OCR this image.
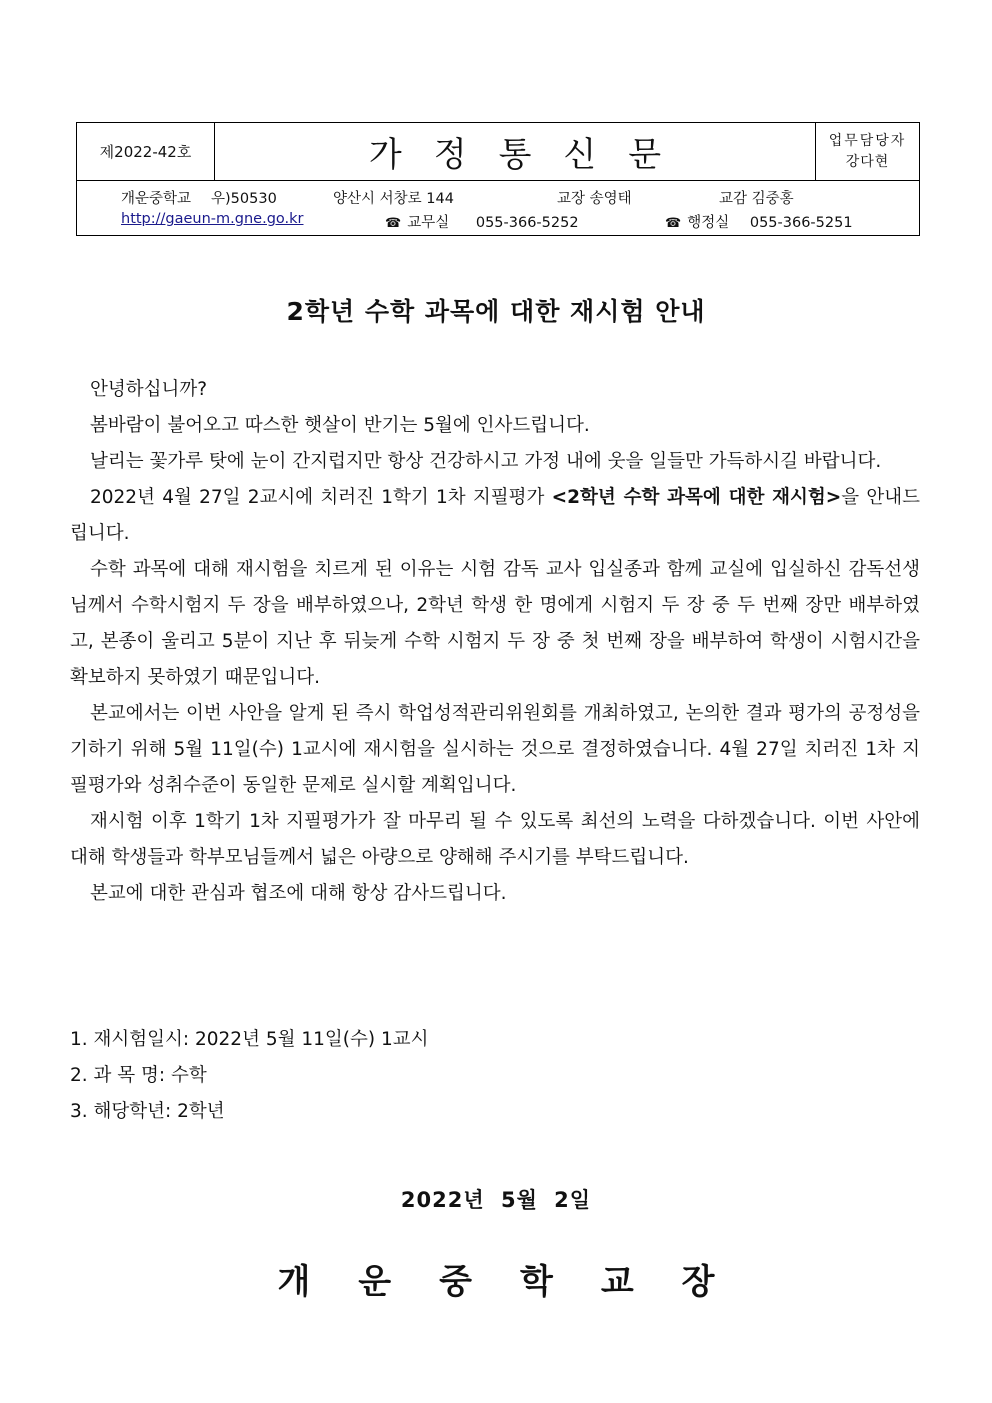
제2022-42호	가정통신문	업무담당자
강다현
개운중학교 우)50530	양산시 서창로 144	교장 송영태	교감 김중홍
http://gaeun-m.gne.go.kr	☎ 교무실 055-366-5252	☎ 행정실 055-366-5251
2학년 수학 과목에 대한 재시험 안내

안녕하십니까?

봄바람이 불어오고 따스한 햇살이 반기는 5월에 인사드립니다.

날리는 꽃가루 탓에 눈이 간지럽지만 항상 건강하시고 가정 내에 웃을 일들만 가득하시길 바랍니다.

2022년 4월 27일 2교시에 치러진 1학기 1차 지필평가 <2학년 수학 과목에 대한 재시험>을 안내드립니다.

수학 과목에 대해 재시험을 치르게 된 이유는 시험 감독 교사 입실종과 함께 교실에 입실하신 감독선생님께서 수학시험지 두 장을 배부하였으나, 2학년 학생 한 명에게 시험지 두 장 중 두 번째 장만 배부하였고, 본종이 울리고 5분이 지난 후 뒤늦게 수학 시험지 두 장 중 첫 번째 장을 배부하여 학생이 시험시간을 확보하지 못하였기 때문입니다.

본교에서는 이번 사안을 알게 된 즉시 학업성적관리위원회를 개최하였고, 논의한 결과 평가의 공정성을 기하기 위해 5월 11일(수) 1교시에 재시험을 실시하는 것으로 결정하였습니다. 4월 27일 치러진 1차 지필평가와 성취수준이 동일한 문제로 실시할 계획입니다.

재시험 이후 1학기 1차 지필평가가 잘 마무리 될 수 있도록 최선의 노력을 다하겠습니다. 이번 사안에 대해 학생들과 학부모님들께서 넓은 아량으로 양해해 주시기를 부탁드립니다.

본교에 대한 관심과 협조에 대해 항상 감사드립니다.

1. 재시험일시: 2022년 5월 11일(수) 1교시
2. 과 목 명: 수학
3. 해당학년: 2학년
2022년 5월 2일
개운중학교장
